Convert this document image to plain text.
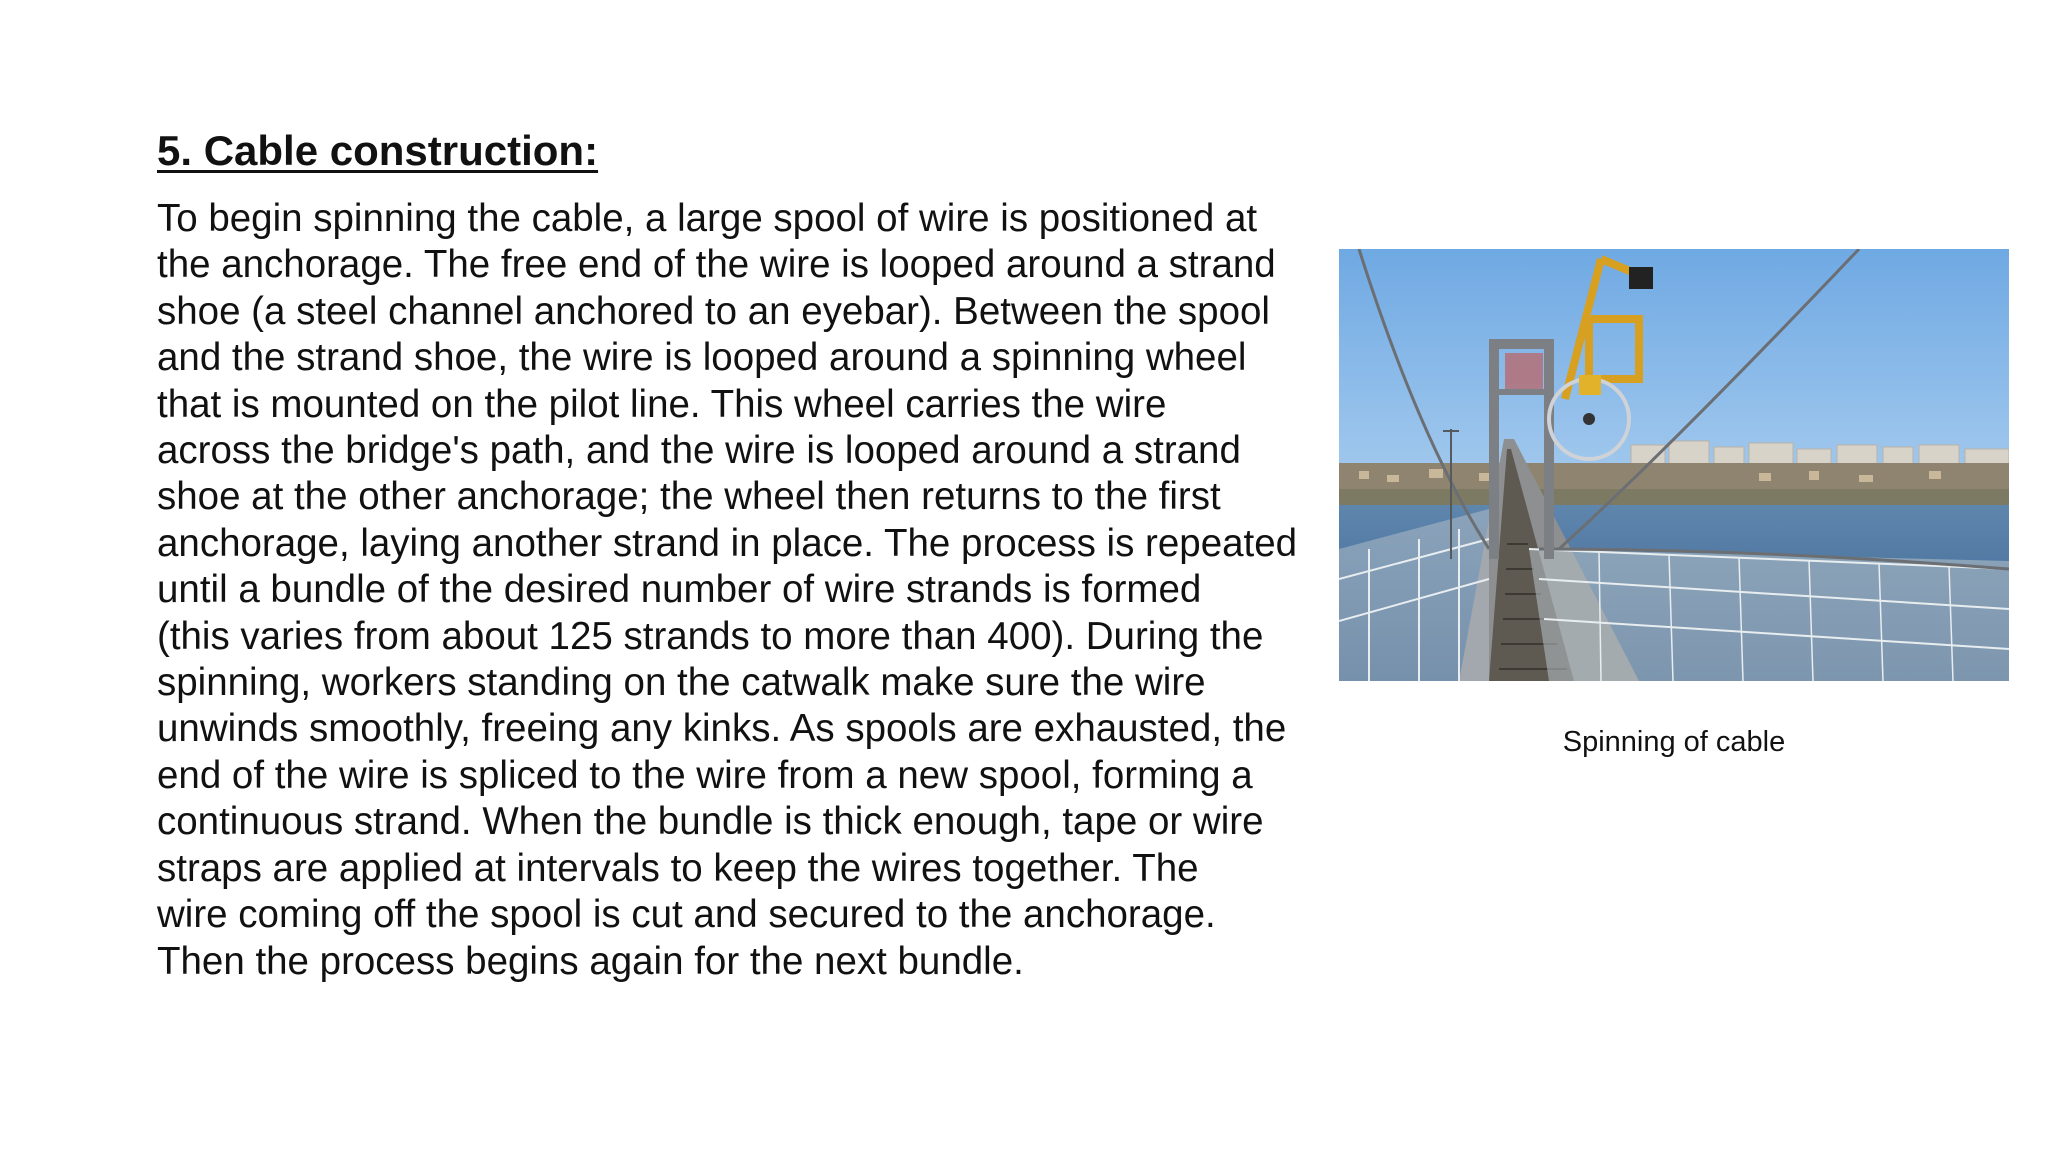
5. Cable construction:

To begin spinning the cable, a large spool of wire is positioned at
the anchorage. The free end of the wire is looped around a strand
shoe (a steel channel anchored to an eyebar). Between the spool
and the strand shoe, the wire is looped around a spinning wheel
that is mounted on the pilot line. This wheel carries the wire
across the bridge's path, and the wire is looped around a strand
shoe at the other anchorage; the wheel then returns to the first
anchorage, laying another strand in place. The process is repeated
until a bundle of the desired number of wire strands is formed
(this varies from about 125 strands to more than 400). During the
spinning, workers standing on the catwalk make sure the wire
unwinds smoothly, freeing any kinks. As spools are exhausted, the
end of the wire is spliced to the wire from a new spool, forming a
continuous strand. When the bundle is thick enough, tape or wire
straps are applied at intervals to keep the wires together. The
wire coming off the spool is cut and secured to the anchorage.
Then the process begins again for the next bundle.

Spinning of cable
